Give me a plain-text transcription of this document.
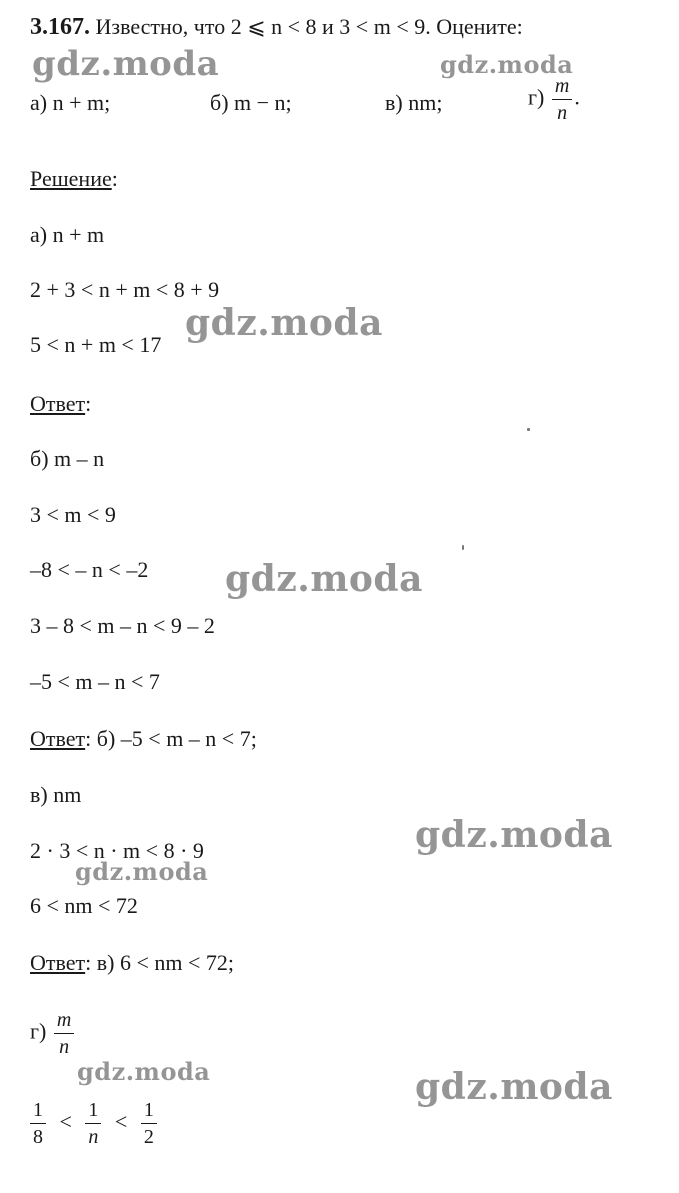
3.167. Известно, что 2 ⩽ n < 8 и 3 < m < 9. Оцените:
а) n + m;	б) m − n;	в) nm;	$г) \frac{m}{n}$ .
Решение:
а) n + m
2 + 3 < n + m < 8 + 9
5 < n + m < 17
Ответ:
б) m – n
3 < m < 9
–8 < – n < –2
3 – 8 < m – n < 9 – 2
–5 < m – n < 7
Ответ: б) –5 < m – n < 7;
в) nm
2 · 3 < n · m < 8 · 9
6 < nm < 72
Ответ: в) 6 < nm < 72;
$г) \frac{m}{n}$
$\frac{1}{8} < \frac{1}{n} < \frac{1}{2}$
gdz.moda	gdz.moda
gdz.moda
gdz.moda
gdz.moda
gdz.moda
gdz.moda	gdz.moda
